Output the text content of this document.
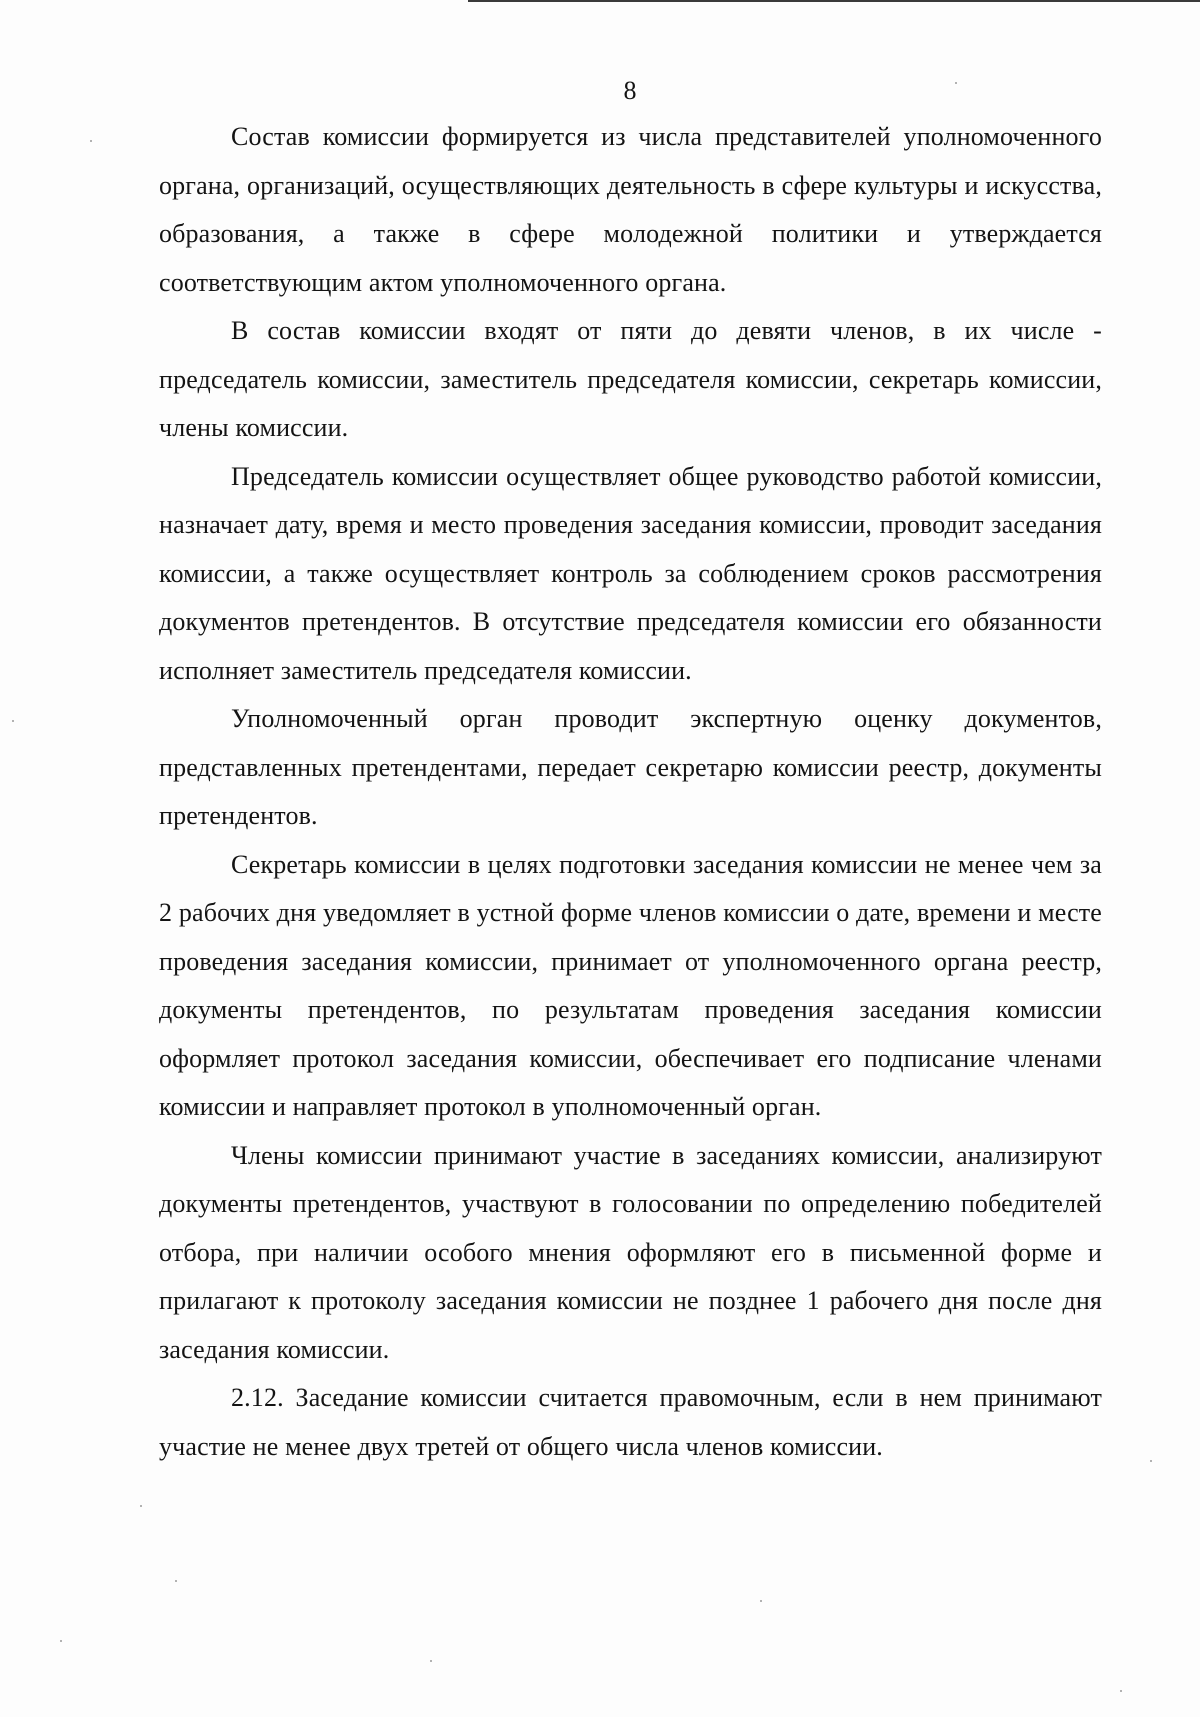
8

Состав комиссии формируется из числа представителей уполномоченного органа, организаций, осуществляющих деятельность в сфере культуры и искусства, образования, а также в сфере молодежной политики и утверждается соответствующим актом уполномоченного органа.

В состав комиссии входят от пяти до девяти членов, в их числе - председатель комиссии, заместитель председателя комиссии, секретарь комиссии, члены комиссии.

Председатель комиссии осуществляет общее руководство работой комиссии, назначает дату, время и место проведения заседания комиссии, проводит заседания комиссии, а также осуществляет контроль за соблюдением сроков рассмотрения документов претендентов. В отсутствие председателя комиссии его обязанности исполняет заместитель председателя комиссии.

Уполномоченный орган проводит экспертную оценку документов, представленных претендентами, передает секретарю комиссии реестр, документы претендентов.

Секретарь комиссии в целях подготовки заседания комиссии не менее чем за 2 рабочих дня уведомляет в устной форме членов комиссии о дате, времени и месте проведения заседания комиссии, принимает от уполномоченного органа реестр, документы претендентов, по результатам проведения заседания комиссии оформляет протокол заседания комиссии, обеспечивает его подписание членами комиссии и направляет протокол в уполномоченный орган.

Члены комиссии принимают участие в заседаниях комиссии, анализируют документы претендентов, участвуют в голосовании по определению победителей отбора, при наличии особого мнения оформляют его в письменной форме и прилагают к протоколу заседания комиссии не позднее 1 рабочего дня после дня заседания комиссии.

2.12. Заседание комиссии считается правомочным, если в нем принимают участие не менее двух третей от общего числа членов комиссии.
